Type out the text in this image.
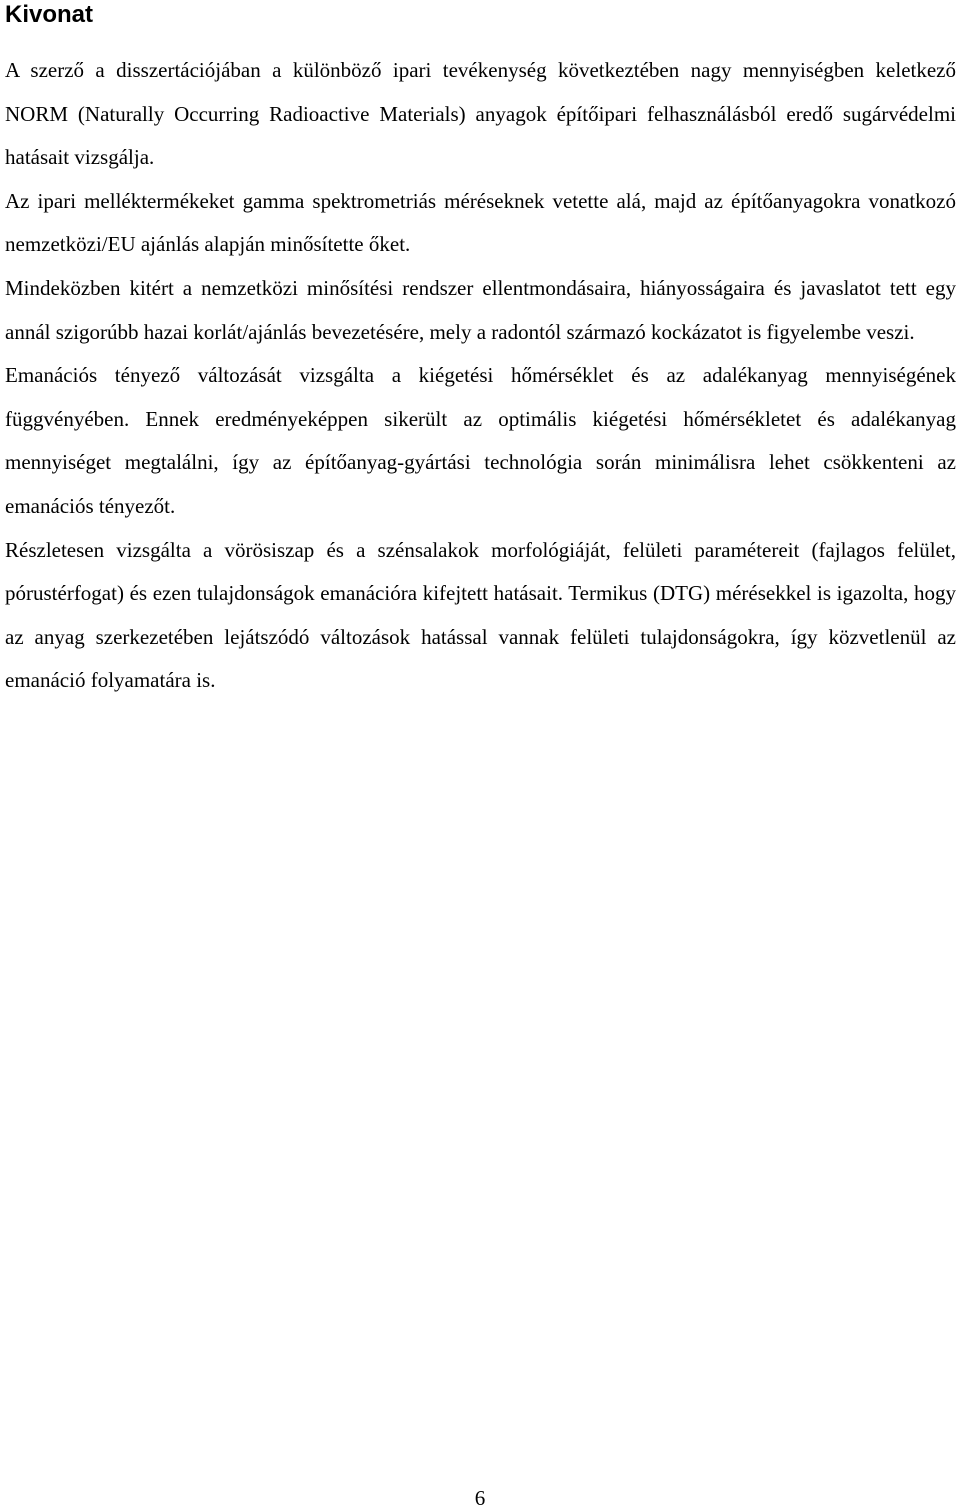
Kivonat

A szerző a disszertációjában a különböző ipari tevékenység következtében nagy mennyiségben keletkező NORM (Naturally Occurring Radioactive Materials) anyagok építőipari felhasználásból eredő sugárvédelmi hatásait vizsgálja.

Az ipari melléktermékeket gamma spektrometriás méréseknek vetette alá, majd az építőanyagokra vonatkozó nemzetközi/EU ajánlás alapján minősítette őket.

Mindeközben kitért a nemzetközi minősítési rendszer ellentmondásaira, hiányosságaira és javaslatot tett egy annál szigorúbb hazai korlát/ajánlás bevezetésére, mely a radontól származó kockázatot is figyelembe veszi.

Emanációs tényező változását vizsgálta a kiégetési hőmérséklet és az adalékanyag mennyiségének függvényében. Ennek eredményeképpen sikerült az optimális kiégetési hőmérsékletet és adalékanyag mennyiséget megtalálni, így az építőanyag-gyártási technológia során minimálisra lehet csökkenteni az emanációs tényezőt.

Részletesen vizsgálta a vörösiszap és a szénsalakok morfológiáját, felületi paramétereit (fajlagos felület, pórustérfogat) és ezen tulajdonságok emanációra kifejtett hatásait. Termikus (DTG) mérésekkel is igazolta, hogy az anyag szerkezetében lejátszódó változások hatással vannak felületi tulajdonságokra, így közvetlenül az emanáció folyamatára is.

6
